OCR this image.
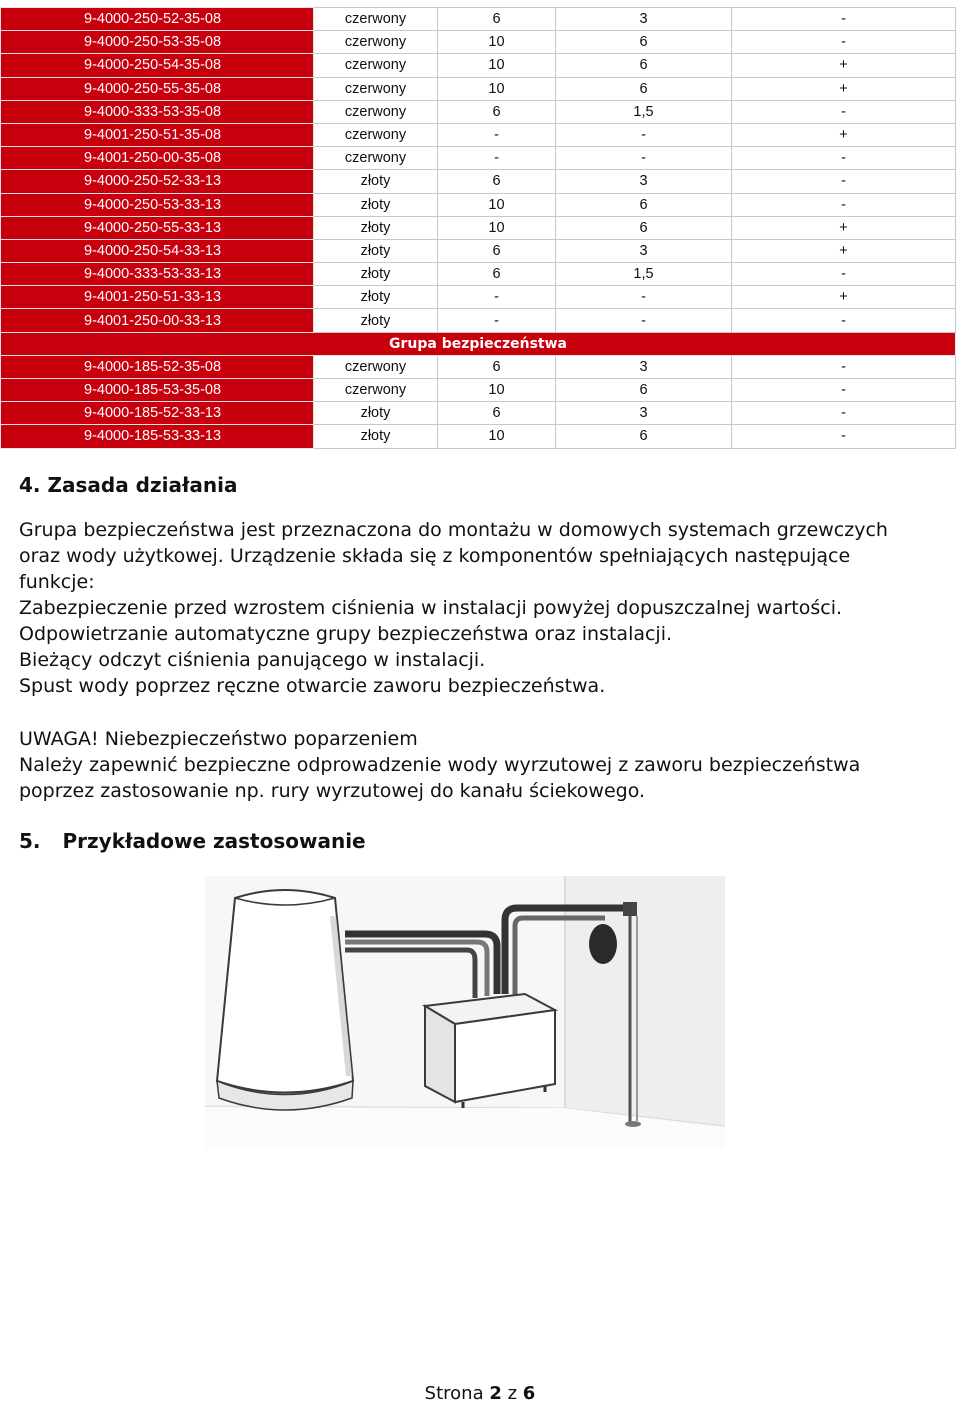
9-4000-250-52-35-08	czerwony	6	3	-
9-4000-250-53-35-08	czerwony	10	6	-
9-4000-250-54-35-08	czerwony	10	6	+
9-4000-250-55-35-08	czerwony	10	6	+
9-4000-333-53-35-08	czerwony	6	1,5	-
9-4001-250-51-35-08	czerwony	-	-	+
9-4001-250-00-35-08	czerwony	-	-	-
9-4000-250-52-33-13	złoty	6	3	-
9-4000-250-53-33-13	złoty	10	6	-
9-4000-250-55-33-13	złoty	10	6	+
9-4000-250-54-33-13	złoty	6	3	+
9-4000-333-53-33-13	złoty	6	1,5	-
9-4001-250-51-33-13	złoty	-	-	+
9-4001-250-00-33-13	złoty	-	-	-
Grupa bezpieczeństwa				
9-4000-185-52-35-08	czerwony	6	3	-
9-4000-185-53-35-08	czerwony	10	6	-
9-4000-185-52-33-13	złoty	6	3	-
9-4000-185-53-33-13	złoty	10	6	-
4. Zasada działania

Grupa bezpieczeństwa jest przeznaczona do montażu w domowych systemach grzewczych

oraz wody użytkowej. Urządzenie składa się z komponentów spełniających następujące

funkcje:

Zabezpieczenie przed wzrostem ciśnienia w instalacji powyżej dopuszczalnej wartości.

Odpowietrzanie automatyczne grupy bezpieczeństwa oraz instalacji.

Bieżący odczyt ciśnienia panującego w instalacji.

Spust wody poprzez ręczne otwarcie zaworu bezpieczeństwa.

UWAGA! Niebezpieczeństwo poparzeniem

Należy zapewnić bezpieczne odprowadzenie wody wyrzutowej z zaworu bezpieczeństwa

poprzez zastosowanie np. rury wyrzutowej do kanału ściekowego.

5. Przykładowe zastosowanie
Strona 2 z 6
